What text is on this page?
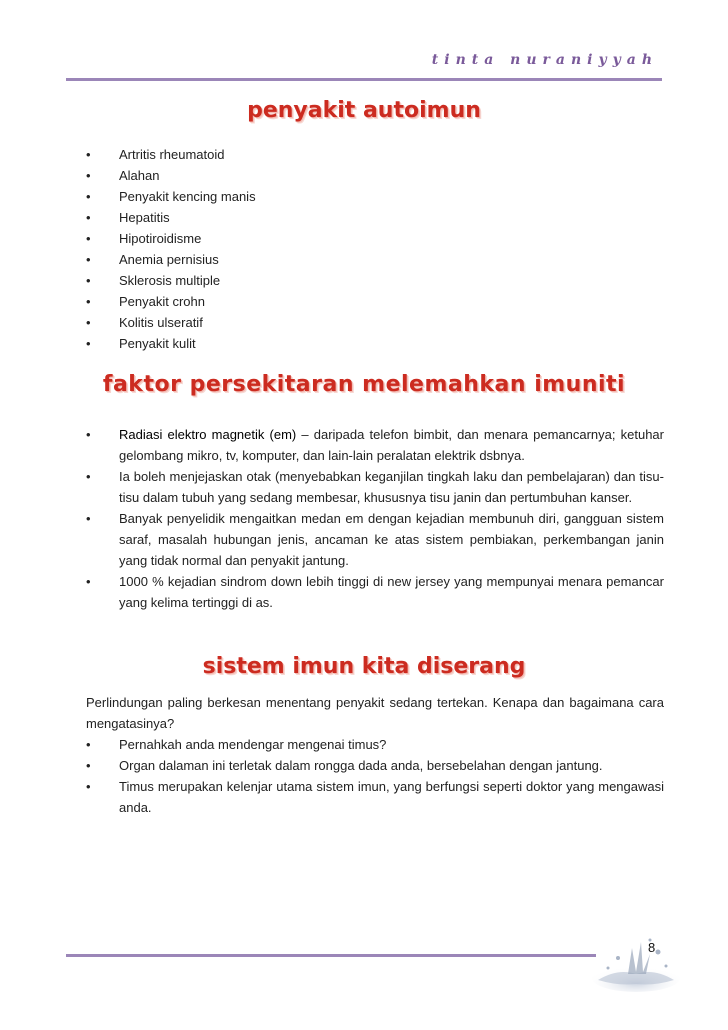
tinta nuraniyyah
penyakit autoimun
• Artritis rheumatoid
• Alahan
• Penyakit kencing manis
• Hepatitis
• Hipotiroidisme
• Anemia pernisius
• Sklerosis multiple
• Penyakit crohn
• Kolitis ulseratif
• Penyakit kulit
faktor persekitaran melemahkan imuniti
• Radiasi elektro magnetik (em) – daripada telefon bimbit, dan menara pemancarnya; ketuhar gelombang mikro, tv, komputer, dan lain-lain peralatan elektrik dsbnya.
• Ia boleh menjejaskan otak (menyebabkan keganjilan tingkah laku dan pembelajaran) dan tisu-tisu dalam tubuh yang sedang membesar, khususnya tisu janin dan pertumbuhan kanser.
• Banyak penyelidik mengaitkan medan em dengan kejadian membunuh diri, gangguan sistem saraf, masalah hubungan jenis, ancaman ke atas sistem pembiakan, perkembangan janin yang tidak normal dan penyakit jantung.
• 1000 % kejadian sindrom down lebih tinggi di new jersey yang mempunyai menara pemancar yang kelima tertinggi di as.
sistem imun kita diserang
Perlindungan paling berkesan menentang penyakit sedang tertekan. Kenapa dan bagaimana cara mengatasinya?
• Pernahkah anda mendengar mengenai timus?
• Organ dalaman ini terletak dalam rongga dada anda, bersebelahan dengan jantung.
• Timus merupakan kelenjar utama sistem imun, yang berfungsi seperti doktor yang mengawasi anda.
8
